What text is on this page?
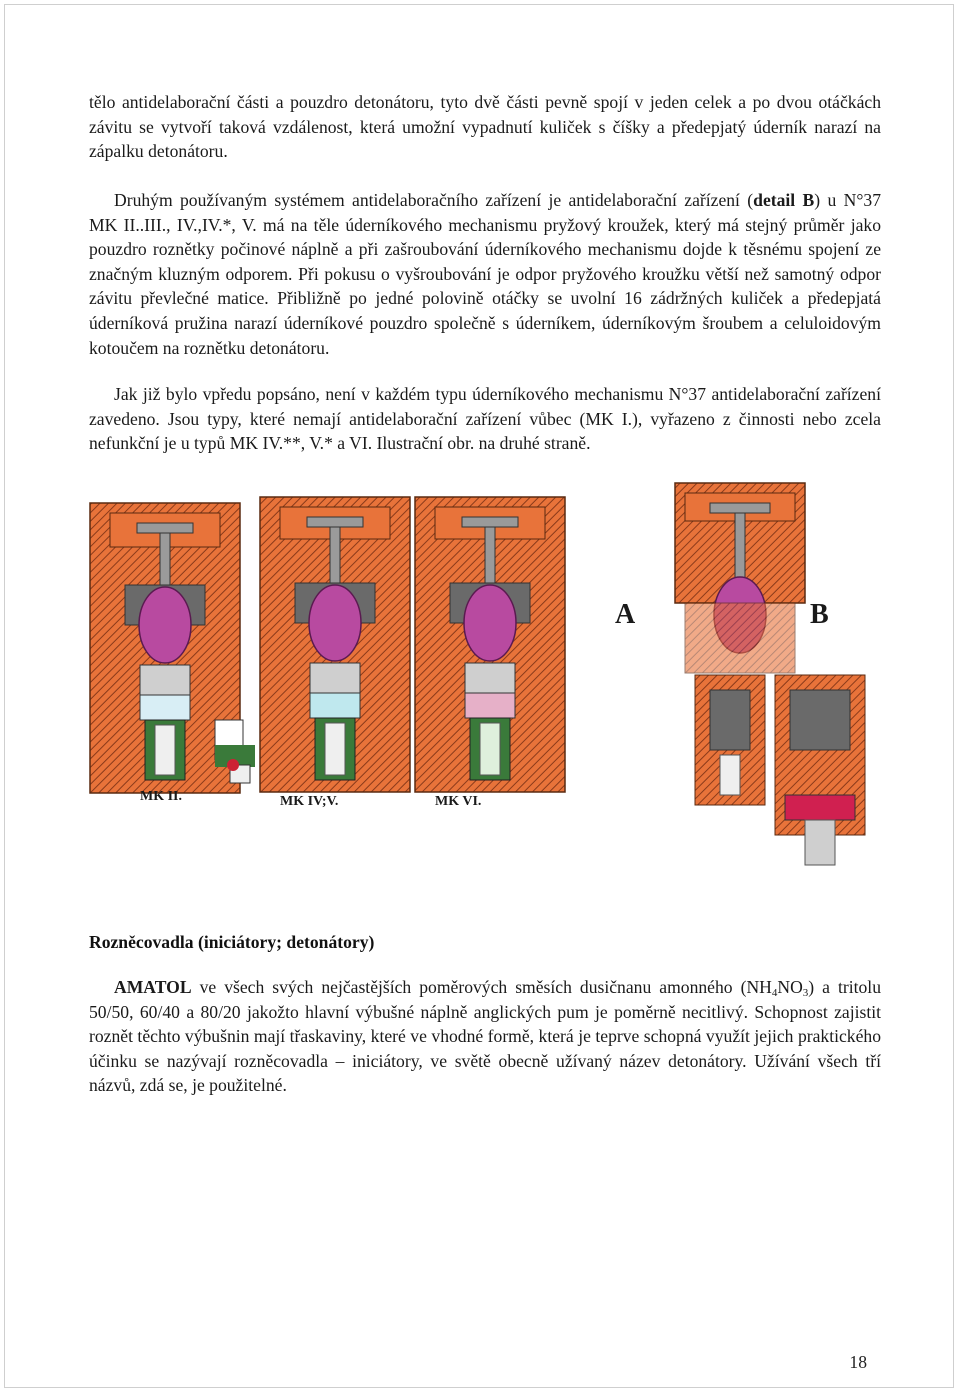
tělo antidelaborační části a pouzdro detonátoru, tyto dvě části pevně spojí v jeden celek a po dvou otáčkách závitu se vytvoří taková vzdálenost, která umožní vypadnutí kuliček s číšky a předepjatý úderník narazí na zápalku detonátoru.

Druhým používaným systémem antidelaboračního zařízení je antidelaborační zařízení (detail B) u N°37 MK II..III., IV.,IV.*, V. má na těle úderníkového mechanismu pryžový kroužek, který má stejný průměr jako pouzdro roznětky počinové náplně a při zašroubování úderníkového mechanismu dojde k těsnému spojení ze značným kluzným odporem. Při pokusu o vyšroubování je odpor pryžového kroužku větší než samotný odpor závitu převlečné matice. Přibližně po jedné polovině otáčky se uvolní 16 zádržných kuliček a předepjatá úderníková pružina narazí úderníkové pouzdro společně s úderníkem, úderníkovým šroubem a celuloidovým kotoučem na roznětku detonátoru.

Jak již bylo vpředu popsáno, není v každém typu úderníkového mechanismu N°37 antidelaborační zařízení zavedeno. Jsou typy, které nemají antidelaborační zařízení vůbec (MK I.), vyřazeno z činnosti nebo zcela nefunkční je u typů MK IV.**, V.* a VI. Ilustrační obr. na druhé straně.

MK II.	MK IV;V.	MK VI.
A	B
Rozněcovadla (iniciátory; detonátory)

AMATOL ve všech svých nejčastějších poměrových směsích dusičnanu amonného $(NH_4NO_3)$ a tritolu 50/50, 60/40 a 80/20 jakožto hlavní výbušné náplně anglických pum je poměrně necitlivý. Schopnost zajistit roznět těchto výbušnin mají třaskaviny, které ve vhodné formě, která je teprve schopná využít jejich praktického účinku se nazývají rozněcovadla – iniciátory, ve světě obecně užívaný název detonátory. Užívání všech tří názvů, zdá se, je použitelné.

18
